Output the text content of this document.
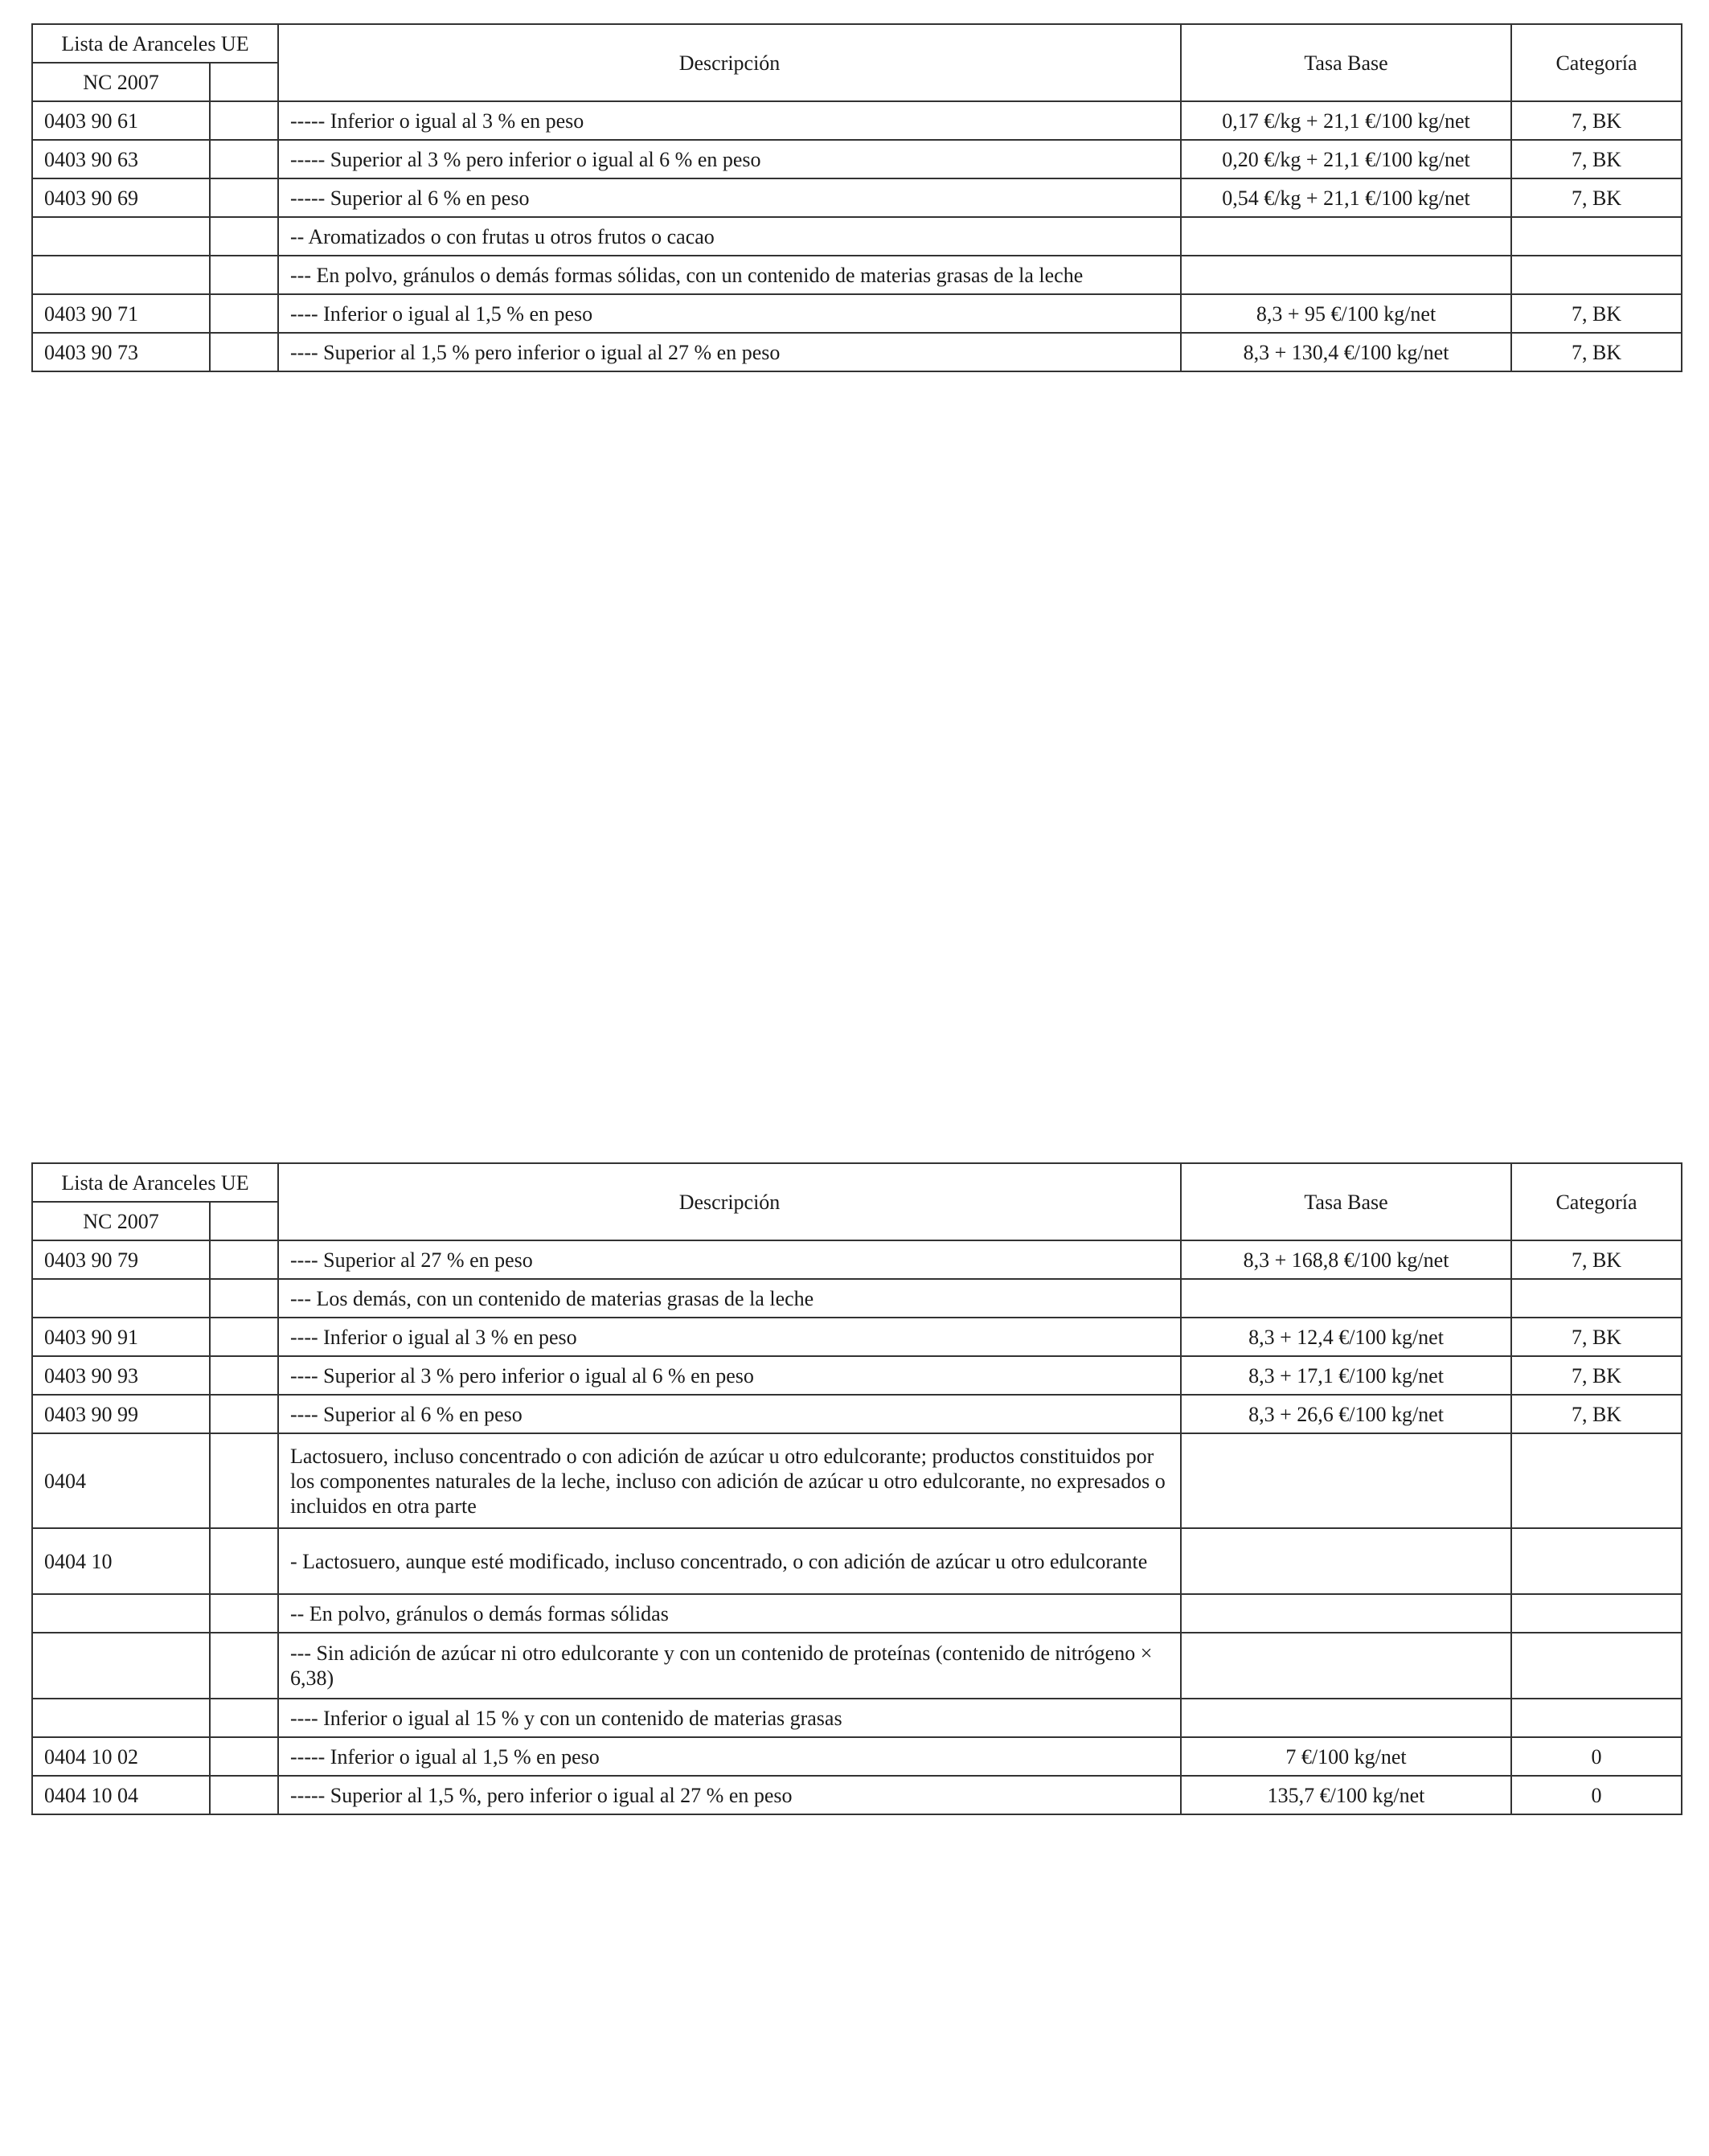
Lista de Aranceles UE		Descripción	Tasa Base	Categoría
NC 2007				
0403 90 61		----- Inferior o igual al 3 % en peso	0,17 €/kg + 21,1 €/100 kg/net	7, BK
0403 90 63		----- Superior al 3 % pero inferior o igual al 6 % en peso	0,20 €/kg + 21,1 €/100 kg/net	7, BK
0403 90 69		----- Superior al 6 % en peso	0,54 €/kg + 21,1 €/100 kg/net	7, BK
		-- Aromatizados o con frutas u otros frutos o cacao		
		--- En polvo, gránulos o demás formas sólidas, con un contenido de materias grasas de la leche		
0403 90 71		---- Inferior o igual al 1,5 % en peso	8,3 + 95 €/100 kg/net	7, BK
0403 90 73		---- Superior al 1,5 % pero inferior o igual al 27 % en peso	8,3 + 130,4 €/100 kg/net	7, BK
Lista de Aranceles UE		Descripción	Tasa Base	Categoría
NC 2007				
0403 90 79		---- Superior al 27 % en peso	8,3 + 168,8 €/100 kg/net	7, BK
		--- Los demás, con un contenido de materias grasas de la leche		
0403 90 91		---- Inferior o igual al 3 % en peso	8,3 + 12,4 €/100 kg/net	7, BK
0403 90 93		---- Superior al 3 % pero inferior o igual al 6 % en peso	8,3 + 17,1 €/100 kg/net	7, BK
0403 90 99		---- Superior al 6 % en peso	8,3 + 26,6 €/100 kg/net	7, BK
0404		Lactosuero, incluso concentrado o con adición de azúcar u otro edulcorante; productos constituidos por los componentes naturales de la leche, incluso con adición de azúcar u otro edulcorante, no expresados o incluidos en otra parte		
0404 10		- Lactosuero, aunque esté modificado, incluso concentrado, o con adición de azúcar u otro edulcorante		
		-- En polvo, gránulos o demás formas sólidas		
		--- Sin adición de azúcar ni otro edulcorante y con un contenido de proteínas (contenido de nitrógeno × 6,38)		
		---- Inferior o igual al 15 % y con un contenido de materias grasas		
0404 10 02		----- Inferior o igual al 1,5 % en peso	7 €/100 kg/net	0
0404 10 04		----- Superior al 1,5 %, pero inferior o igual al 27 % en peso	135,7 €/100 kg/net	0
